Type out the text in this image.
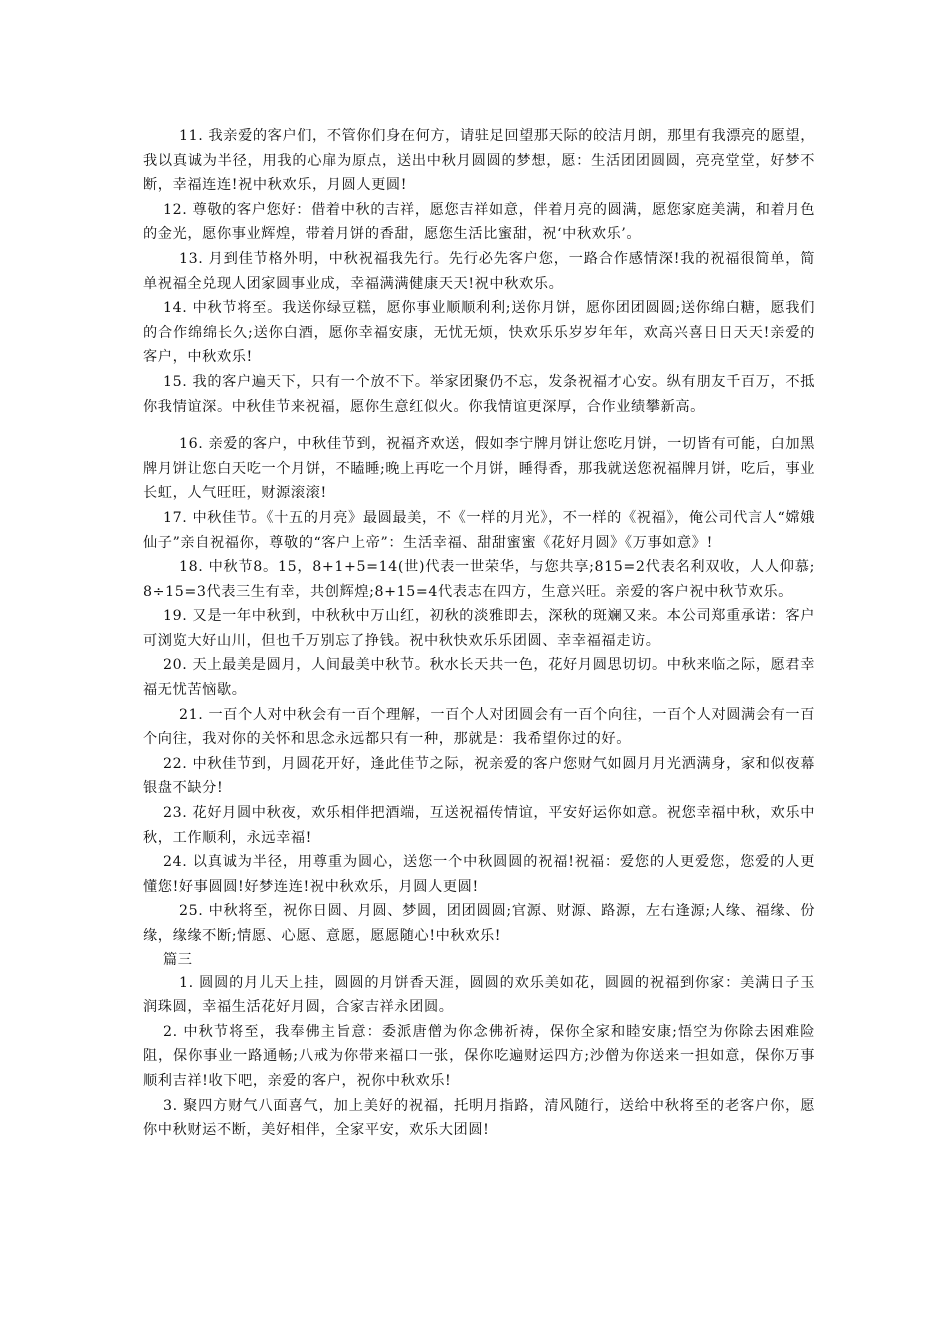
11. 我亲爱的客户们，不管你们身在何方，请驻足回望那天际的皎洁月朗，那里有我漂亮的愿望，我以真诚为半径，用我的心扉为原点，送出中秋月圆圆的梦想，愿：生活团团圆圆，亮亮堂堂，好梦不断，幸福连连!祝中秋欢乐，月圆人更圆!

12. 尊敬的客户您好：借着中秋的吉祥，愿您吉祥如意，伴着月亮的圆满，愿您家庭美满，和着月色的金光，愿你事业辉煌，带着月饼的香甜，愿您生活比蜜甜，祝‘中秋欢乐’。

13. 月到佳节格外明，中秋祝福我先行。先行必先客户您，一路合作感情深!我的祝福很简单，简单祝福全兑现人团家圆事业成，幸福满满健康天天!祝中秋欢乐。

14. 中秋节将至。我送你绿豆糕，愿你事业顺顺利利;送你月饼，愿你团团圆圆;送你绵白糖，愿我们的合作绵绵长久;送你白酒，愿你幸福安康，无忧无烦，快欢乐乐岁岁年年，欢高兴喜日日天天!亲爱的客户，中秋欢乐!

15. 我的客户遍天下，只有一个放不下。举家团聚仍不忘，发条祝福才心安。纵有朋友千百万，不抵你我情谊深。中秋佳节来祝福，愿你生意红似火。你我情谊更深厚，合作业绩攀新高。

16. 亲爱的客户，中秋佳节到，祝福齐欢送，假如李宁牌月饼让您吃月饼，一切皆有可能，白加黑牌月饼让您白天吃一个月饼，不瞌睡;晚上再吃一个月饼，睡得香，那我就送您祝福牌月饼，吃后，事业长虹，人气旺旺，财源滚滚!

17. 中秋佳节。《十五的月亮》最圆最美，不《一样的月光》，不一样的《祝福》，俺公司代言人“嫦娥仙子”亲自祝福你，尊敬的“客户上帝”：生活幸福、甜甜蜜蜜《花好月圆》《万事如意》!

18. 中秋节8。15，8+1+5=14(世)代表一世荣华，与您共享;815=2代表名利双收，人人仰慕;8÷15=3代表三生有幸，共创辉煌;8+15=4代表志在四方，生意兴旺。亲爱的客户祝中秋节欢乐。

19. 又是一年中秋到，中秋秋中万山红，初秋的淡雅即去，深秋的斑斓又来。本公司郑重承诺：客户可浏览大好山川，但也千万别忘了挣钱。祝中秋快欢乐乐团圆、幸幸福福走访。

20. 天上最美是圆月，人间最美中秋节。秋水长天共一色，花好月圆思切切。中秋来临之际，愿君幸福无忧苦恼歇。

21. 一百个人对中秋会有一百个理解，一百个人对团圆会有一百个向往，一百个人对圆满会有一百个向往，我对你的关怀和思念永远都只有一种，那就是：我希望你过的好。

22. 中秋佳节到，月圆花开好，逢此佳节之际，祝亲爱的客户您财气如圆月月光洒满身，家和似夜幕银盘不缺分!

23. 花好月圆中秋夜，欢乐相伴把酒端，互送祝福传情谊，平安好运你如意。祝您幸福中秋，欢乐中秋，工作顺利，永远幸福!

24. 以真诚为半径，用尊重为圆心，送您一个中秋圆圆的祝福!祝福：爱您的人更爱您，您爱的人更懂您!好事圆圆!好梦连连!祝中秋欢乐，月圆人更圆!

25. 中秋将至，祝你日圆、月圆、梦圆，团团圆圆;官源、财源、路源，左右逢源;人缘、福缘、份缘，缘缘不断;情愿、心愿、意愿，愿愿随心!中秋欢乐!

篇三

1. 圆圆的月儿天上挂，圆圆的月饼香天涯，圆圆的欢乐美如花，圆圆的祝福到你家：美满日子玉润珠圆，幸福生活花好月圆，合家吉祥永团圆。

2. 中秋节将至，我奉佛主旨意：委派唐僧为你念佛祈祷，保你全家和睦安康;悟空为你除去困难险阻，保你事业一路通畅;八戒为你带来福口一张，保你吃遍财运四方;沙僧为你送来一担如意，保你万事顺利吉祥!收下吧，亲爱的客户，祝你中秋欢乐!

3. 聚四方财气八面喜气，加上美好的祝福，托明月指路，清风随行，送给中秋将至的老客户你，愿你中秋财运不断，美好相伴，全家平安，欢乐大团圆!
